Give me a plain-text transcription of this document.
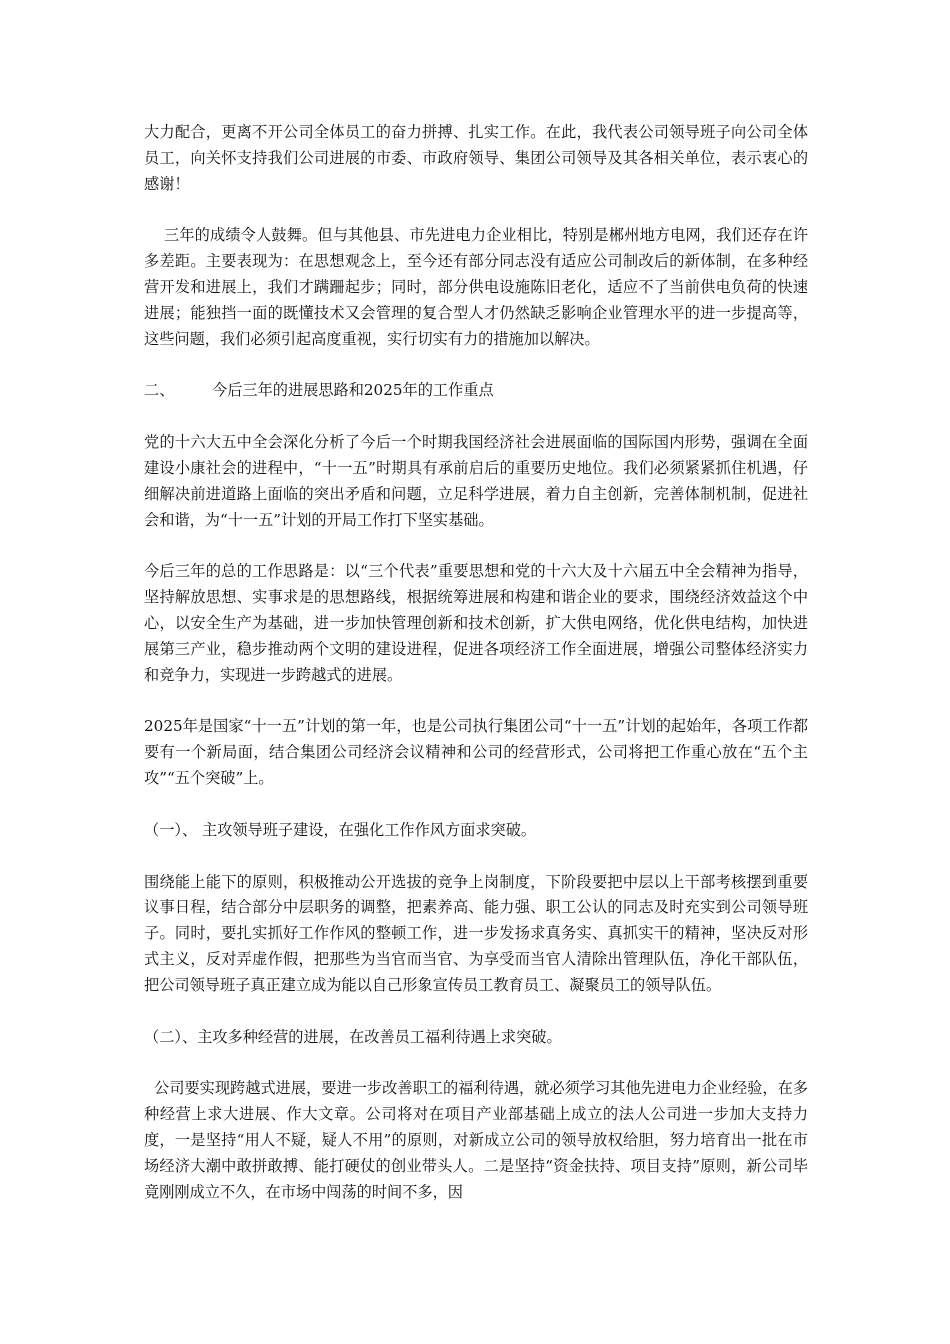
大力配合，更离不开公司全体员工的奋力拼搏、扎实工作。在此，我代表公司领导班子向公司全体员工，向关怀支持我们公司进展的市委、市政府领导、集团公司领导及其各相关单位，表示衷心的感谢！

三年的成绩令人鼓舞。但与其他县、市先进电力企业相比，特别是郴州地方电网，我们还存在许多差距。主要表现为：在思想观念上，至今还有部分同志没有适应公司制改后的新体制，在多种经营开发和进展上，我们才蹒跚起步；同时，部分供电设施陈旧老化，适应不了当前供电负荷的快速进展；能独挡一面的既懂技术又会管理的复合型人才仍然缺乏影响企业管理水平的进一步提高等，这些问题，我们必须引起高度重视，实行切实有力的措施加以解决。

二、	今后三年的进展思路和2025年的工作重点

党的十六大五中全会深化分析了今后一个时期我国经济社会进展面临的国际国内形势，强调在全面建设小康社会的进程中，“十一五”时期具有承前启后的重要历史地位。我们必须紧紧抓住机遇，仔细解决前进道路上面临的突出矛盾和问题，立足科学进展，着力自主创新，完善体制机制，促进社会和谐，为“十一五”计划的开局工作打下坚实基础。

今后三年的总的工作思路是：以“三个代表”重要思想和党的十六大及十六届五中全会精神为指导，坚持解放思想、实事求是的思想路线，根据统筹进展和构建和谐企业的要求，围绕经济效益这个中心，以安全生产为基础，进一步加快管理创新和技术创新，扩大供电网络，优化供电结构，加快进展第三产业，稳步推动两个文明的建设进程，促进各项经济工作全面进展，增强公司整体经济实力和竞争力，实现进一步跨越式的进展。

2025年是国家“十一五”计划的第一年，也是公司执行集团公司“十一五”计划的起始年，各项工作都要有一个新局面，结合集团公司经济会议精神和公司的经营形式，公司将把工作重心放在“五个主攻”“五个突破”上。

（一）、 主攻领导班子建设，在强化工作作风方面求突破。

围绕能上能下的原则，积极推动公开选拔的竞争上岗制度，下阶段要把中层以上干部考核摆到重要议事日程，结合部分中层职务的调整，把素养高、能力强、职工公认的同志及时充实到公司领导班子。同时，要扎实抓好工作作风的整顿工作，进一步发扬求真务实、真抓实干的精神，坚决反对形式主义，反对弄虚作假，把那些为当官而当官、为享受而当官人清除出管理队伍，净化干部队伍，把公司领导班子真正建立成为能以自己形象宣传员工教育员工、凝聚员工的领导队伍。

（二）、主攻多种经营的进展，在改善员工福利待遇上求突破。

公司要实现跨越式进展，要进一步改善职工的福利待遇，就必须学习其他先进电力企业经验，在多种经营上求大进展、作大文章。公司将对在项目产业部基础上成立的法人公司进一步加大支持力度，一是坚持“用人不疑，疑人不用”的原则，对新成立公司的领导放权给胆，努力培育出一批在市场经济大潮中敢拼敢搏、能打硬仗的创业带头人。二是坚持“资金扶持、项目支持”原则，新公司毕竟刚刚成立不久，在市场中闯荡的时间不多，因
